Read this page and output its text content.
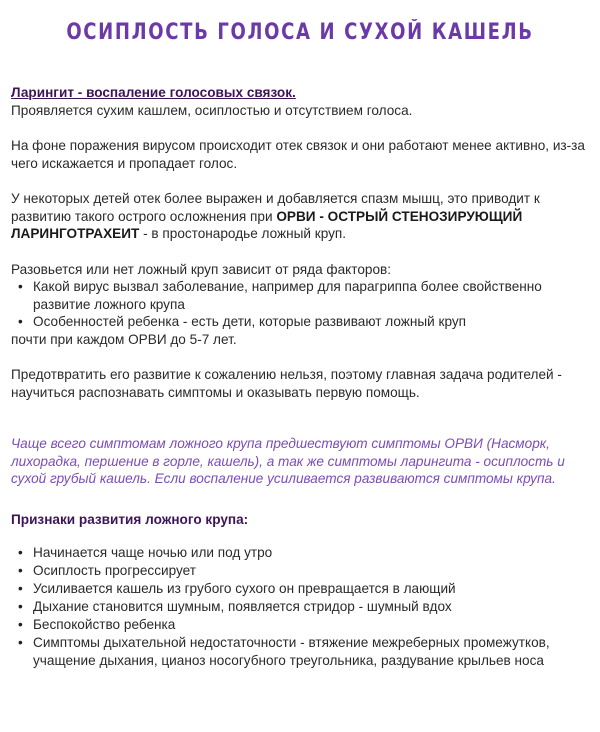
ОСИПЛОСТЬ ГОЛОСА И СУХОЙ КАШЕЛЬ

Ларингит - воспаление голосовых связок.

Проявляется сухим кашлем, осиплостью и отсутствием голоса.

На фоне поражения вирусом происходит отек связок и они работают менее активно, из-за чего искажается и пропадает голос.

У некоторых детей отек более выражен и добавляется спазм мышц, это приводит к развитию такого острого осложнения при ОРВИ - ОСТРЫЙ СТЕНОЗИРУЮЩИЙ ЛАРИНГОТРАХЕИТ - в простонародье ложный круп.

Разовьется или нет ложный круп зависит от ряда факторов:

• Какой вирус вызвал заболевание, например для парагриппа более свойственно развитие ложного крупа
• Особенностей ребенка - есть дети, которые развивают ложный круп

почти при каждом ОРВИ до 5-7 лет.

Предотвратить его развитие к сожалению нельзя, поэтому главная задача родителей - научиться распознавать симптомы и оказывать первую помощь.

Чаще всего симптомам ложного крупа предшествуют симптомы ОРВИ (Насморк, лихорадка, першение в горле, кашель), а так же симптомы ларингита - осиплость и сухой грубый кашель. Если воспаление усиливается развиваются симптомы крупа.

Признаки развития ложного крупа:

• Начинается чаще ночью или под утро
• Осиплость прогрессирует
• Усиливается кашель из грубого сухого он превращается в лающий
• Дыхание становится шумным, появляется стридор - шумный вдох
• Беспокойство ребенка
• Симптомы дыхательной недостаточности - втяжение межреберных промежутков, учащение дыхания, цианоз носогубного треугольника, раздувание крыльев носа
